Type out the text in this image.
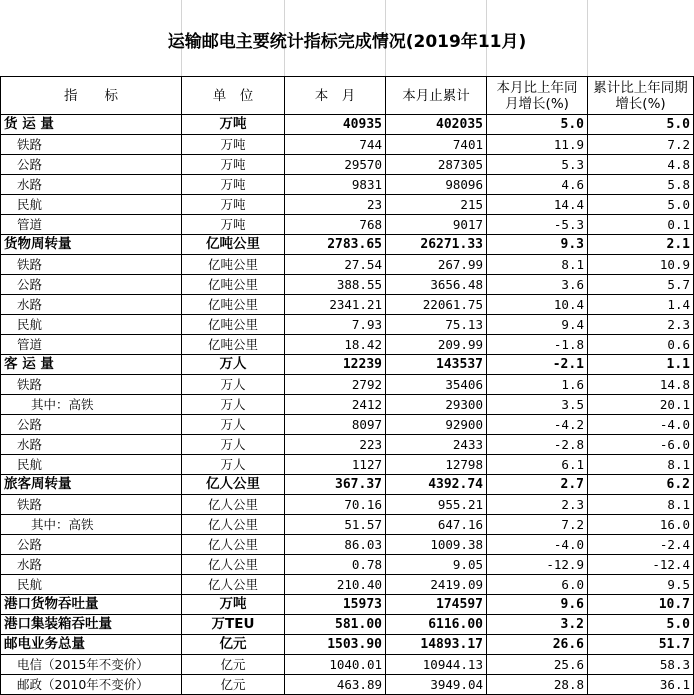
运输邮电主要统计指标完成情况(2019年11月)
指　　标	单　位	本　月	本月止累计	本月比上年同月增长(%)	累计比上年同期增长(%)
货 运 量	万吨	40935	402035	5.0	5.0
铁路	万吨	744	7401	11.9	7.2
公路	万吨	29570	287305	5.3	4.8
水路	万吨	9831	98096	4.6	5.8
民航	万吨	23	215	14.4	5.0
管道	万吨	768	9017	-5.3	0.1
货物周转量	亿吨公里	2783.65	26271.33	9.3	2.1
铁路	亿吨公里	27.54	267.99	8.1	10.9
公路	亿吨公里	388.55	3656.48	3.6	5.7
水路	亿吨公里	2341.21	22061.75	10.4	1.4
民航	亿吨公里	7.93	75.13	9.4	2.3
管道	亿吨公里	18.42	209.99	-1.8	0.6
客 运 量	万人	12239	143537	-2.1	1.1
铁路	万人	2792	35406	1.6	14.8
其中：高铁	万人	2412	29300	3.5	20.1
公路	万人	8097	92900	-4.2	-4.0
水路	万人	223	2433	-2.8	-6.0
民航	万人	1127	12798	6.1	8.1
旅客周转量	亿人公里	367.37	4392.74	2.7	6.2
铁路	亿人公里	70.16	955.21	2.3	8.1
其中：高铁	亿人公里	51.57	647.16	7.2	16.0
公路	亿人公里	86.03	1009.38	-4.0	-2.4
水路	亿人公里	0.78	9.05	-12.9	-12.4
民航	亿人公里	210.40	2419.09	6.0	9.5
港口货物吞吐量	万吨	15973	174597	9.6	10.7
港口集装箱吞吐量	万TEU	581.00	6116.00	3.2	5.0
邮电业务总量	亿元	1503.90	14893.17	26.6	51.7
电信（2015年不变价）	亿元	1040.01	10944.13	25.6	58.3
邮政（2010年不变价）	亿元	463.89	3949.04	28.8	36.1
